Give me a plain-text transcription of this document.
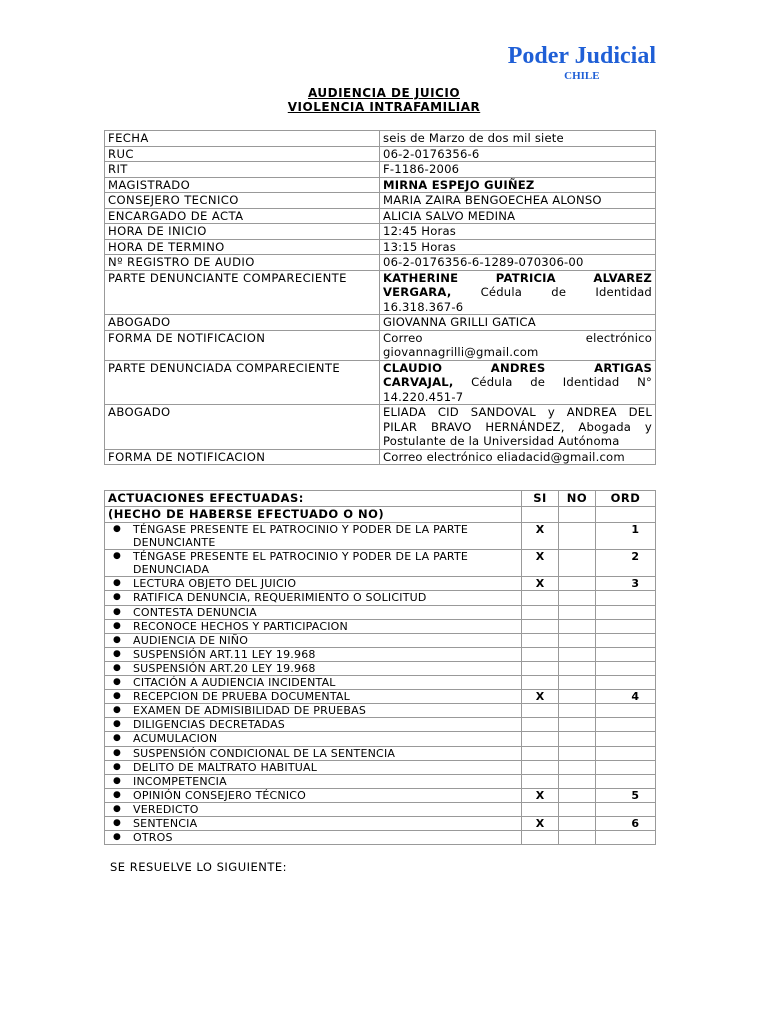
Poder Judicial
CHILE
AUDIENCIA DE JUICIO
VIOLENCIA INTRAFAMILIAR
FECHA	seis de Marzo de dos mil siete
RUC	06-2-0176356-6
RIT	F-1186-2006
MAGISTRADO	MIRNA ESPEJO GUIÑEZ
CONSEJERO TECNICO	MARIA ZAIRA BENGOECHEA ALONSO
ENCARGADO DE ACTA	ALICIA SALVO MEDINA
HORA DE INICIO	12:45 Horas
HORA DE TERMINO	13:15 Horas
Nº REGISTRO DE AUDIO	06-2-0176356-6-1289-070306-00
PARTE DENUNCIANTE COMPARECIENTE	KATHERINE PATRICIA ALVAREZ
VERGARA, Cédula de Identidad
16.318.367-6

ABOGADO	GIOVANNA GRILLI GATICA
FORMA DE NOTIFICACION	Correo electrónico
giovannagrilli@gmail.com

PARTE DENUNCIADA COMPARECIENTE	CLAUDIO ANDRES ARTIGAS
CARVAJAL, Cédula de Identidad N°
14.220.451-7

ABOGADO	ELIADA CID SANDOVAL y ANDREA DEL
PILAR BRAVO HERNÁNDEZ, Abogada y
Postulante de la Universidad Autónoma

FORMA DE NOTIFICACION	Correo electrónico eliadacid@gmail.com
ACTUACIONES EFECTUADAS:	SI	NO	ORD
(HECHO DE HABERSE EFECTUADO O NO)			
● TÉNGASE PRESENTE EL PATROCINIO Y PODER DE LA PARTE DENUNCIANTE	X		1
● TÉNGASE PRESENTE EL PATROCINIO Y PODER DE LA PARTE DENUNCIADA	X		2
● LECTURA OBJETO DEL JUICIO	X		3
● RATIFICA DENUNCIA, REQUERIMIENTO O SOLICITUD			
● CONTESTA DENUNCIA			
● RECONOCE HECHOS Y PARTICIPACION			
● AUDIENCIA DE NIÑO			
● SUSPENSIÓN ART.11 LEY 19.968			
● SUSPENSIÓN ART.20 LEY 19.968			
● CITACIÓN A AUDIENCIA INCIDENTAL			
● RECEPCION DE PRUEBA DOCUMENTAL	X		4
● EXAMEN DE ADMISIBILIDAD DE PRUEBAS			
● DILIGENCIAS DECRETADAS			
● ACUMULACION			
● SUSPENSIÓN CONDICIONAL DE LA SENTENCIA			
● DELITO DE MALTRATO HABITUAL			
● INCOMPETENCIA			
● OPINIÓN CONSEJERO TÉCNICO	X		5
● VEREDICTO			
● SENTENCIA	X		6
● OTROS			
SE RESUELVE LO SIGUIENTE:
